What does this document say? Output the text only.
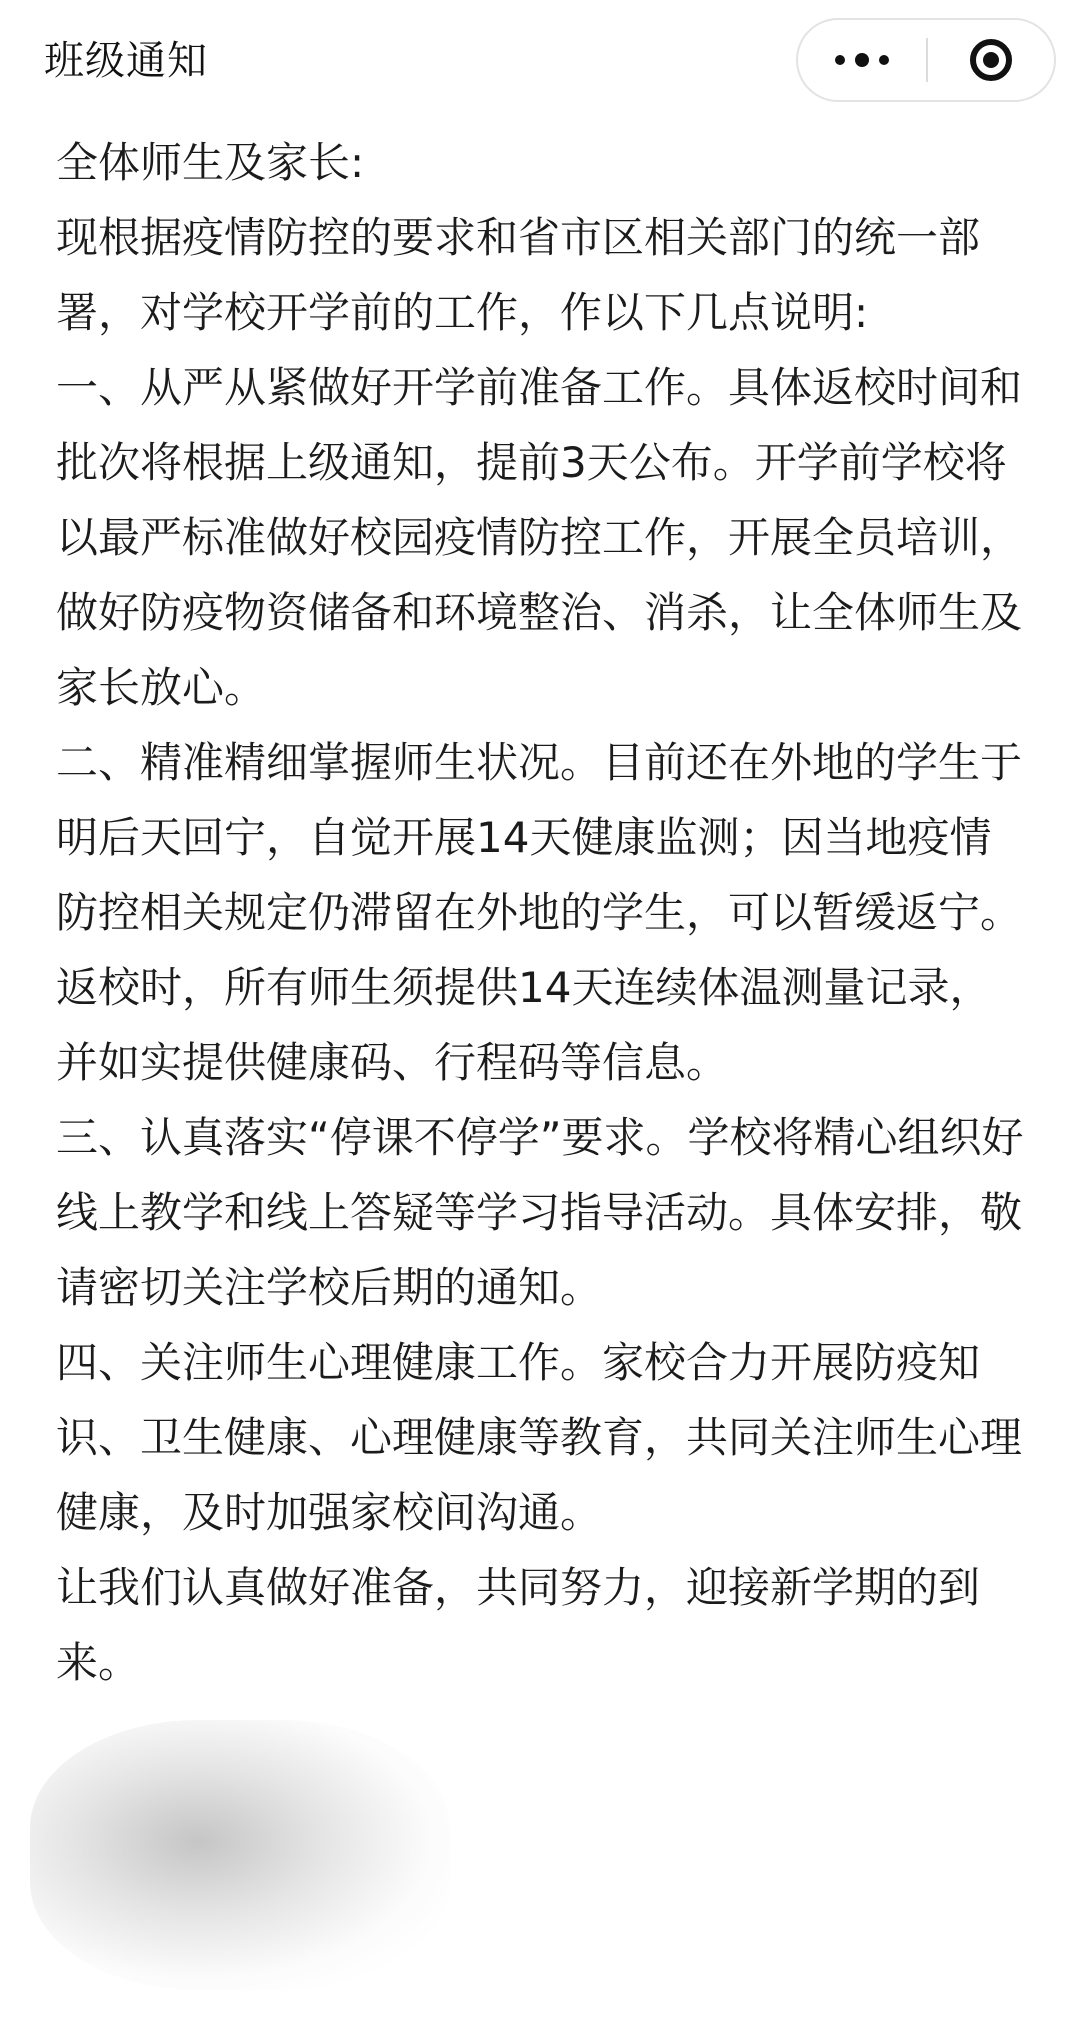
班级通知

全体师生及家长:

现根据疫情防控的要求和省市区相关部门的统一部署，对学校开学前的工作，作以下几点说明:

一、从严从紧做好开学前准备工作。具体返校时间和批次将根据上级通知，提前3天公布。开学前学校将以最严标准做好校园疫情防控工作，开展全员培训，做好防疫物资储备和环境整治、消杀，让全体师生及家长放心。

二、精准精细掌握师生状况。目前还在外地的学生于明后天回宁，自觉开展14天健康监测；因当地疫情防控相关规定仍滞留在外地的学生，可以暂缓返宁。返校时，所有师生须提供14天连续体温测量记录，并如实提供健康码、行程码等信息。

三、认真落实“停课不停学”要求。学校将精心组织好线上教学和线上答疑等学习指导活动。具体安排，敬请密切关注学校后期的通知。

四、关注师生心理健康工作。家校合力开展防疫知识、卫生健康、心理健康等教育，共同关注师生心理健康，及时加强家校间沟通。

让我们认真做好准备，共同努力，迎接新学期的到来。
